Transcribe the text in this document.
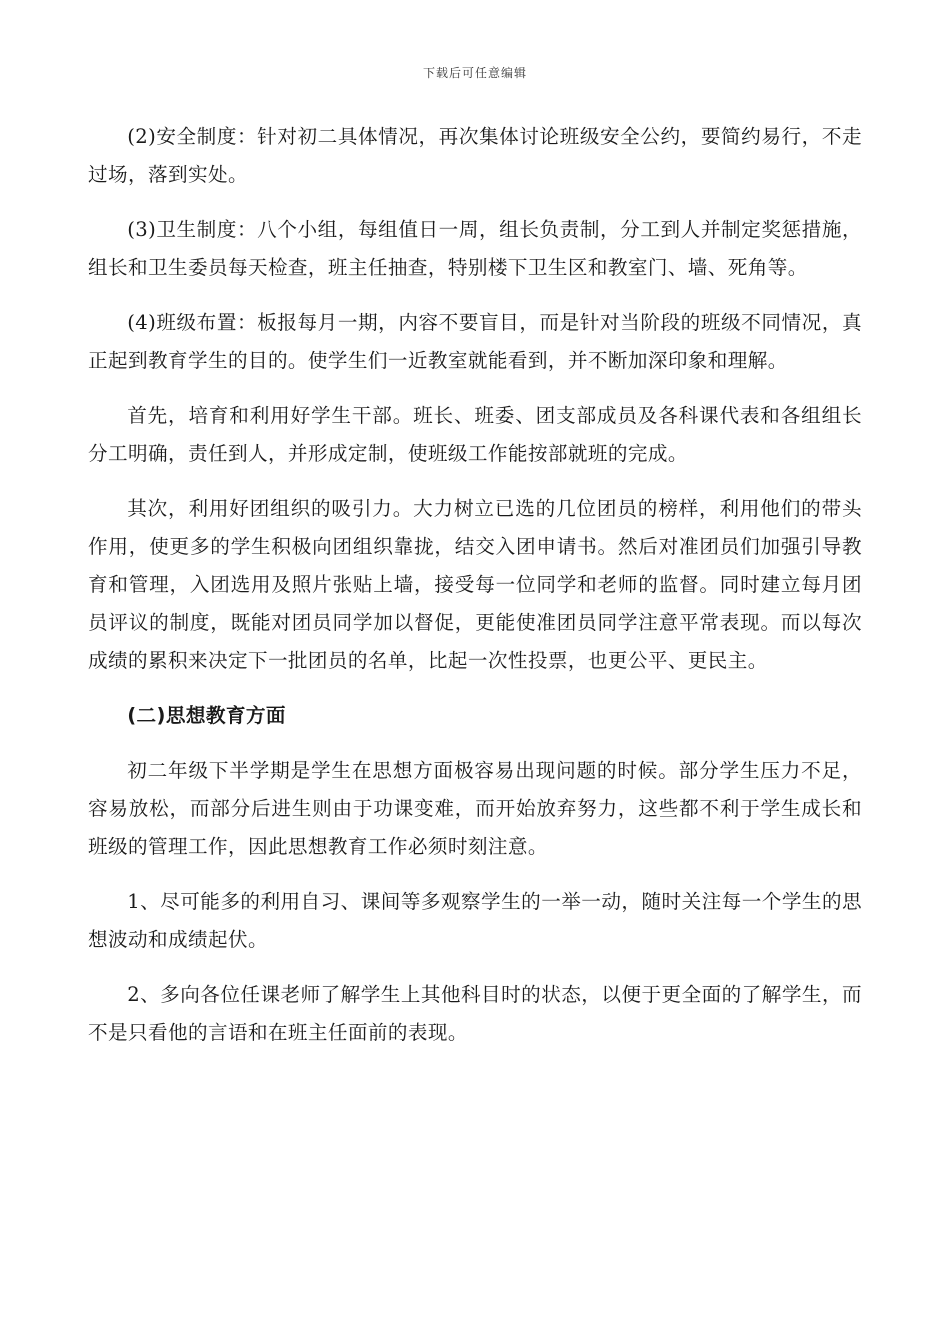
下载后可任意编辑

(2)安全制度：针对初二具体情况，再次集体讨论班级安全公约，要简约易行，不走过场，落到实处。

(3)卫生制度：八个小组，每组值日一周，组长负责制，分工到人并制定奖惩措施，组长和卫生委员每天检查，班主任抽查，特别楼下卫生区和教室门、墙、死角等。

(4)班级布置：板报每月一期，内容不要盲目，而是针对当阶段的班级不同情况，真正起到教育学生的目的。使学生们一近教室就能看到，并不断加深印象和理解。

首先，培育和利用好学生干部。班长、班委、团支部成员及各科课代表和各组组长分工明确，责任到人，并形成定制，使班级工作能按部就班的完成。

其次，利用好团组织的吸引力。大力树立已选的几位团员的榜样，利用他们的带头作用，使更多的学生积极向团组织靠拢，结交入团申请书。然后对准团员们加强引导教育和管理，入团选用及照片张贴上墙，接受每一位同学和老师的监督。同时建立每月团员评议的制度，既能对团员同学加以督促，更能使准团员同学注意平常表现。而以每次成绩的累积来决定下一批团员的名单，比起一次性投票，也更公平、更民主。

(二)思想教育方面

初二年级下半学期是学生在思想方面极容易出现问题的时候。部分学生压力不足，容易放松，而部分后进生则由于功课变难，而开始放弃努力，这些都不利于学生成长和班级的管理工作，因此思想教育工作必须时刻注意。

1、尽可能多的利用自习、课间等多观察学生的一举一动，随时关注每一个学生的思想波动和成绩起伏。

2、多向各位任课老师了解学生上其他科目时的状态，以便于更全面的了解学生，而不是只看他的言语和在班主任面前的表现。
